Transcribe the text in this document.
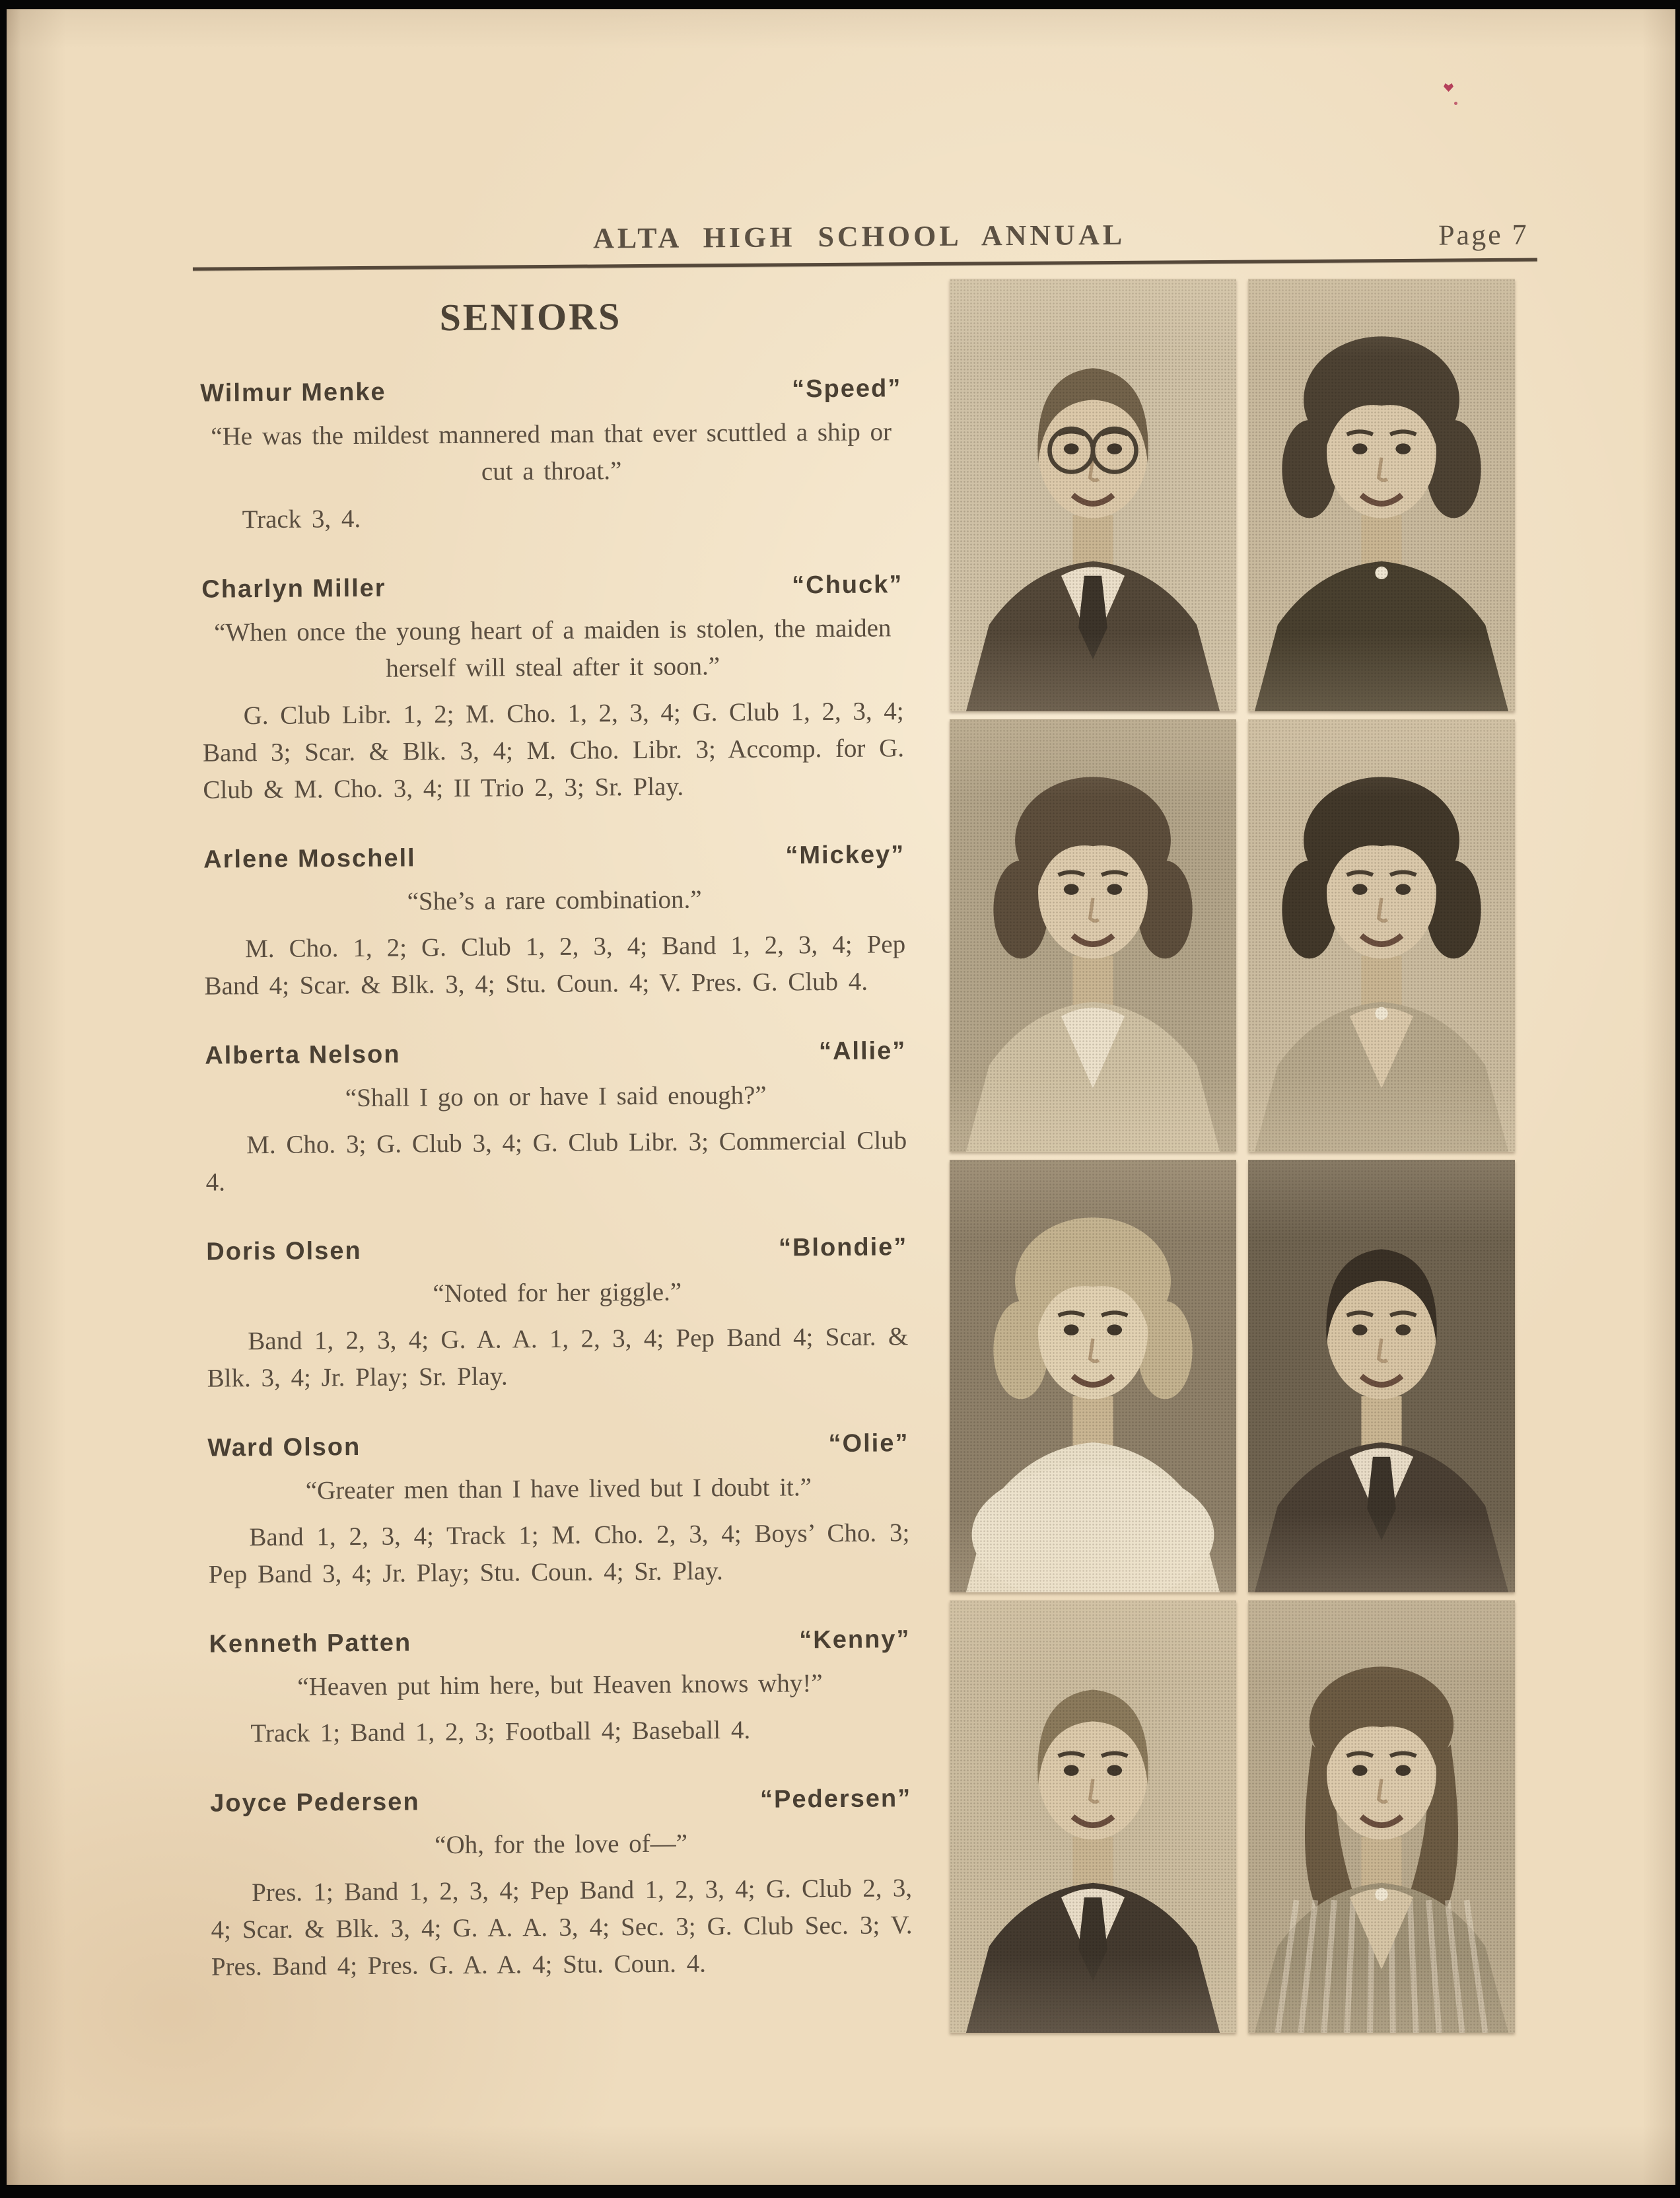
ALTA HIGH SCHOOL ANNUAL	Page 7
SENIORS
Wilmur Menke	“Speed”

“He was the mildest mannered man that ever scuttled a ship or cut a throat.”

Track 3, 4.

Charlyn Miller	“Chuck”

“When once the young heart of a maiden is stolen, the maiden herself will steal after it soon.”

G. Club Libr. 1, 2; M. Cho. 1, 2, 3, 4; G. Club 1, 2, 3, 4; Band 3; Scar. & Blk. 3, 4; M. Cho. Libr. 3; Accomp. for G. Club & M. Cho. 3, 4; II Trio 2, 3; Sr. Play.

Arlene Moschell	“Mickey”

“She’s a rare combination.”

M. Cho. 1, 2; G. Club 1, 2, 3, 4; Band 1, 2, 3, 4; Pep Band 4; Scar. & Blk. 3, 4; Stu. Coun. 4; V. Pres. G. Club 4.

Alberta Nelson	“Allie”

“Shall I go on or have I said enough?”

M. Cho. 3; G. Club 3, 4; G. Club Libr. 3; Commercial Club 4.

Doris Olsen	“Blondie”

“Noted for her giggle.”

Band 1, 2, 3, 4; G. A. A. 1, 2, 3, 4; Pep Band 4; Scar. & Blk. 3, 4; Jr. Play; Sr. Play.

Ward Olson	“Olie”

“Greater men than I have lived but I doubt it.”

Band 1, 2, 3, 4; Track 1; M. Cho. 2, 3, 4; Boys’ Cho. 3; Pep Band 3, 4; Jr. Play; Stu. Coun. 4; Sr. Play.

Kenneth Patten	“Kenny”

“Heaven put him here, but Heaven knows why!”

Track 1; Band 1, 2, 3; Football 4; Baseball 4.

Joyce Pedersen	“Pedersen”

“Oh, for the love of—”

Pres. 1; Band 1, 2, 3, 4; Pep Band 1, 2, 3, 4; G. Club 2, 3, 4; Scar. & Blk. 3, 4; G. A. A. 3, 4; Sec. 3; G. Club Sec. 3; V. Pres. Band 4; Pres. G. A. A. 4; Stu. Coun. 4.
